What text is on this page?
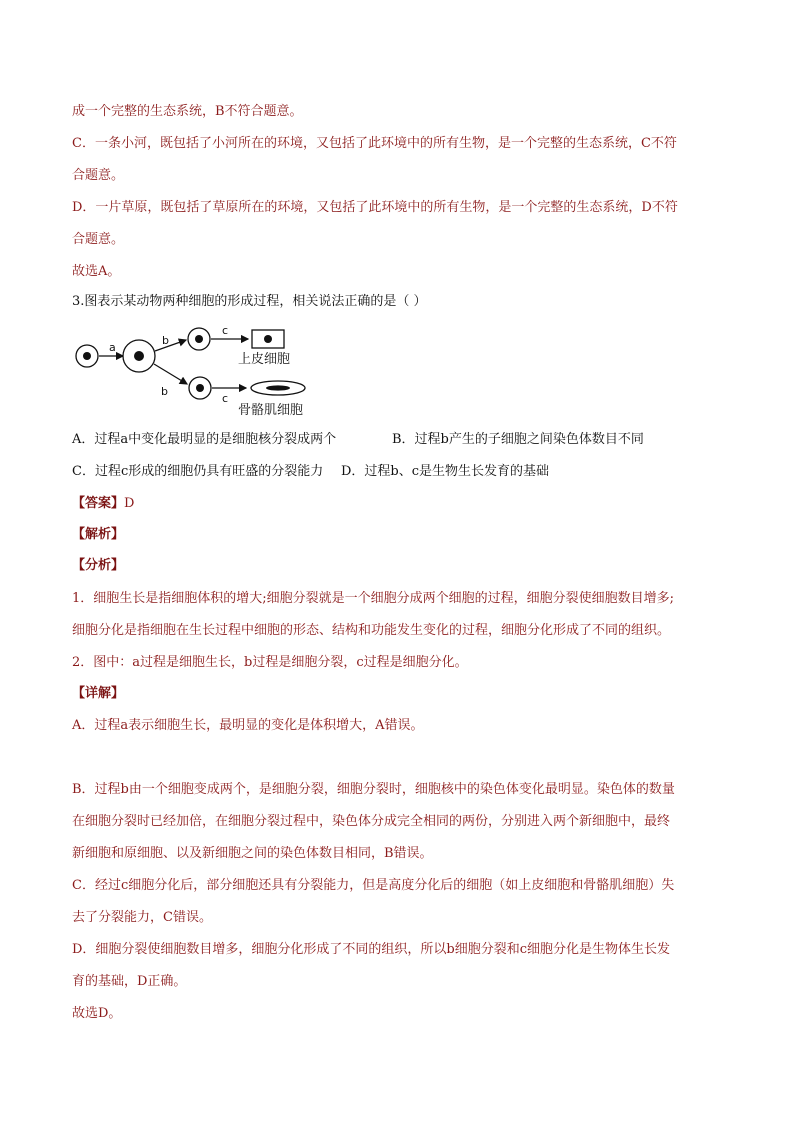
成一个完整的生态系统，B不符合题意。
C．一条小河，既包括了小河所在的环境，又包括了此环境中的所有生物，是一个完整的生态系统，C不符
合题意。
D．一片草原，既包括了草原所在的环境，又包括了此环境中的所有生物，是一个完整的生态系统，D不符
合题意。
故选A。
3.图表示某动物两种细胞的形成过程，相关说法正确的是（ ）
a
b
c
上皮细胞
b
c
骨骼肌细胞
A．过程a中变化最明显的是细胞核分裂成两个	B．过程b产生的子细胞之间染色体数目不同
C．过程c形成的细胞仍具有旺盛的分裂能力 D．过程b、c是生物生长发育的基础
【答案】D
【解析】
【分析】
1．细胞生长是指细胞体积的增大;细胞分裂就是一个细胞分成两个细胞的过程，细胞分裂使细胞数目增多;
细胞分化是指细胞在生长过程中细胞的形态、结构和功能发生变化的过程，细胞分化形成了不同的组织。
2．图中：a过程是细胞生长，b过程是细胞分裂，c过程是细胞分化。
【详解】
A．过程a表示细胞生长，最明显的变化是体积增大，A错误。
B．过程b由一个细胞变成两个，是细胞分裂，细胞分裂时，细胞核中的染色体变化最明显。染色体的数量
在细胞分裂时已经加倍，在细胞分裂过程中，染色体分成完全相同的两份，分别进入两个新细胞中，最终
新细胞和原细胞、以及新细胞之间的染色体数目相同，B错误。
C．经过c细胞分化后，部分细胞还具有分裂能力，但是高度分化后的细胞（如上皮细胞和骨骼肌细胞）失
去了分裂能力，C错误。
D．细胞分裂使细胞数目增多，细胞分化形成了不同的组织，所以b细胞分裂和c细胞分化是生物体生长发
育的基础，D正确。
故选D。
